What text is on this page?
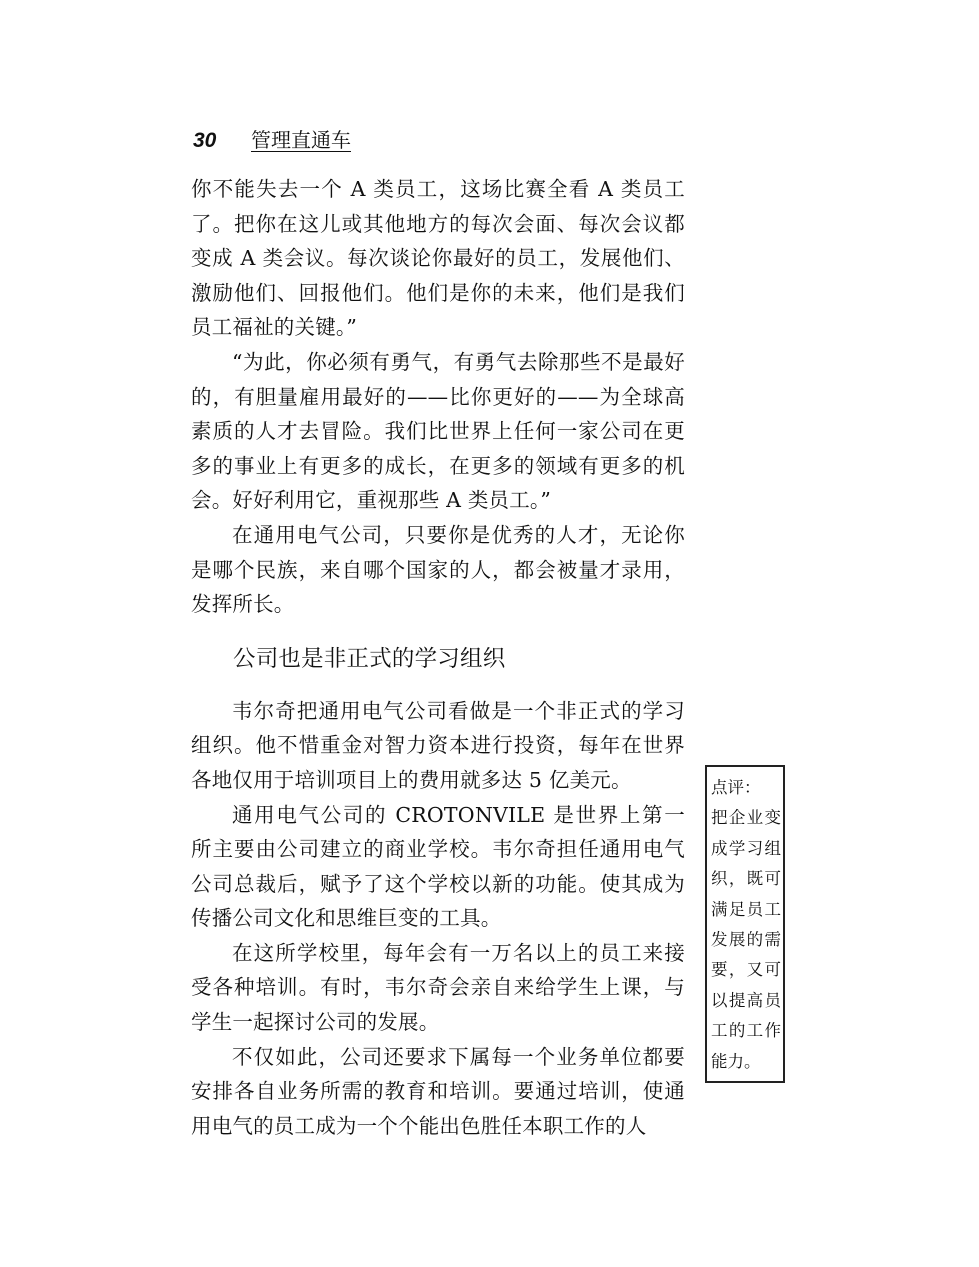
30	管理直通车

你不能失去一个 A 类员工，这场比赛全看 A 类员工了。把你在这儿或其他地方的每次会面、每次会议都变成 A 类会议。每次谈论你最好的员工，发展他们、激励他们、回报他们。他们是你的未来，他们是我们员工福祉的关键。”

“为此，你必须有勇气，有勇气去除那些不是最好的，有胆量雇用最好的——比你更好的——为全球高素质的人才去冒险。我们比世界上任何一家公司在更多的事业上有更多的成长，在更多的领域有更多的机会。好好利用它，重视那些 A 类员工。”

在通用电气公司，只要你是优秀的人才，无论你是哪个民族，来自哪个国家的人，都会被量才录用，发挥所长。

公司也是非正式的学习组织

韦尔奇把通用电气公司看做是一个非正式的学习组织。他不惜重金对智力资本进行投资，每年在世界各地仅用于培训项目上的费用就多达 5 亿美元。

通用电气公司的 CROTONVILE 是世界上第一所主要由公司建立的商业学校。韦尔奇担任通用电气公司总裁后，赋予了这个学校以新的功能。使其成为传播公司文化和思维巨变的工具。

在这所学校里，每年会有一万名以上的员工来接受各种培训。有时，韦尔奇会亲自来给学生上课，与学生一起探讨公司的发展。

不仅如此，公司还要求下属每一个业务单位都要安排各自业务所需的教育和培训。要通过培训，使通用电气的员工成为一个个能出色胜任本职工作的人

点评：
把企业变成学习组织，既可满足员工发展的需要，又可以提高员工的工作能力。
